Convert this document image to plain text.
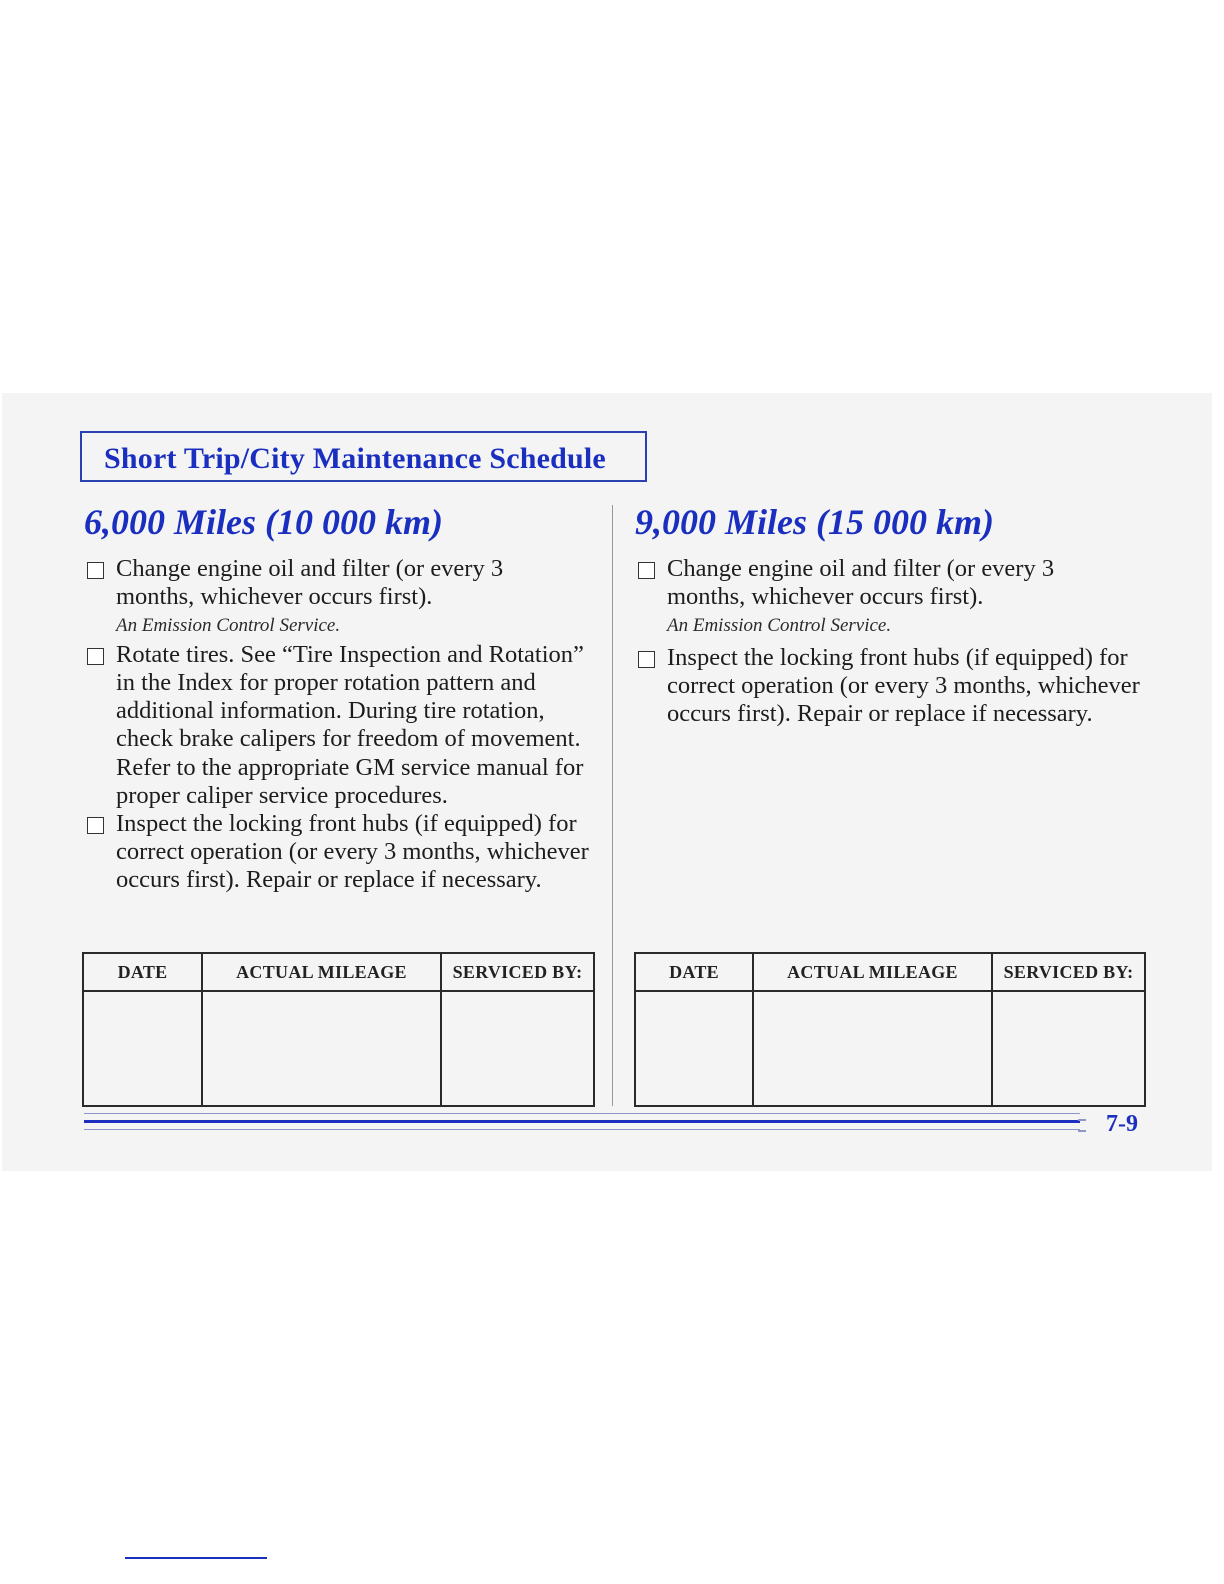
Short Trip/City Maintenance Schedule
6,000 Miles (10 000 km)
Change engine oil and filter (or every 3 months, whichever occurs first).
An Emission Control Service.
Rotate tires. See “Tire Inspection and Rotation” in the Index for proper rotation pattern and additional information. During tire rotation, check brake calipers for freedom of movement. Refer to the appropriate GM service manual for proper caliper service procedures.
Inspect the locking front hubs (if equipped) for correct operation (or every 3 months, whichever occurs first). Repair or replace if necessary.
9,000 Miles (15 000 km)
Change engine oil and filter (or every 3 months, whichever occurs first).
An Emission Control Service.
Inspect the locking front hubs (if equipped) for correct operation (or every 3 months, whichever occurs first). Repair or replace if necessary.
DATE	ACTUAL MILEAGE	SERVICED BY:
			DATE	ACTUAL MILEAGE	SERVICED BY:

7-9
